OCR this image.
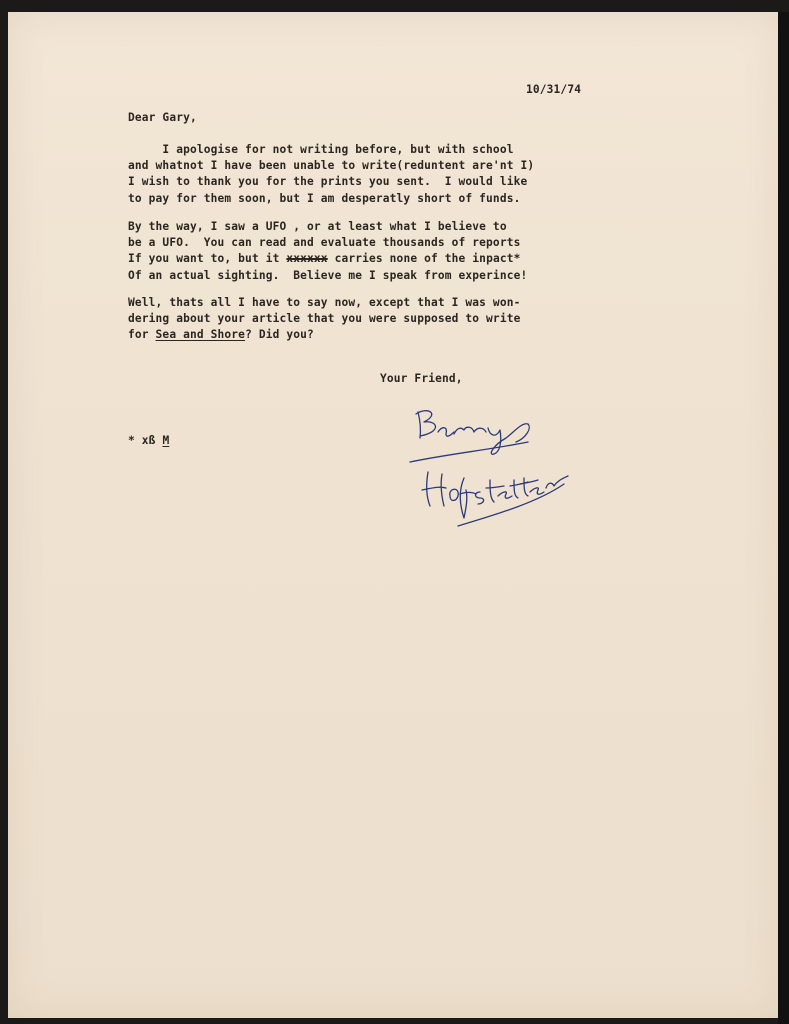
10/31/74
Dear Gary,
I apologise for not writing before, but with school
and whatnot I have been unable to write(reduntent are'nt I)
I wish to thank you for the prints you sent.  I would like
to pay for them soon, but I am desperatly short of funds.
By the way, I saw a UFO , or at least what I believe to
be a UFO.  You can read and evaluate thousands of reports
If you want to, but it xxxxxx carries none of the inpact*
Of an actual sighting.  Believe me I speak from experince!
Well, thats all I have to say now, except that I was won-
dering about your article that you were supposed to write
for Sea and Shore? Did you?
Your Friend,
* xß M
